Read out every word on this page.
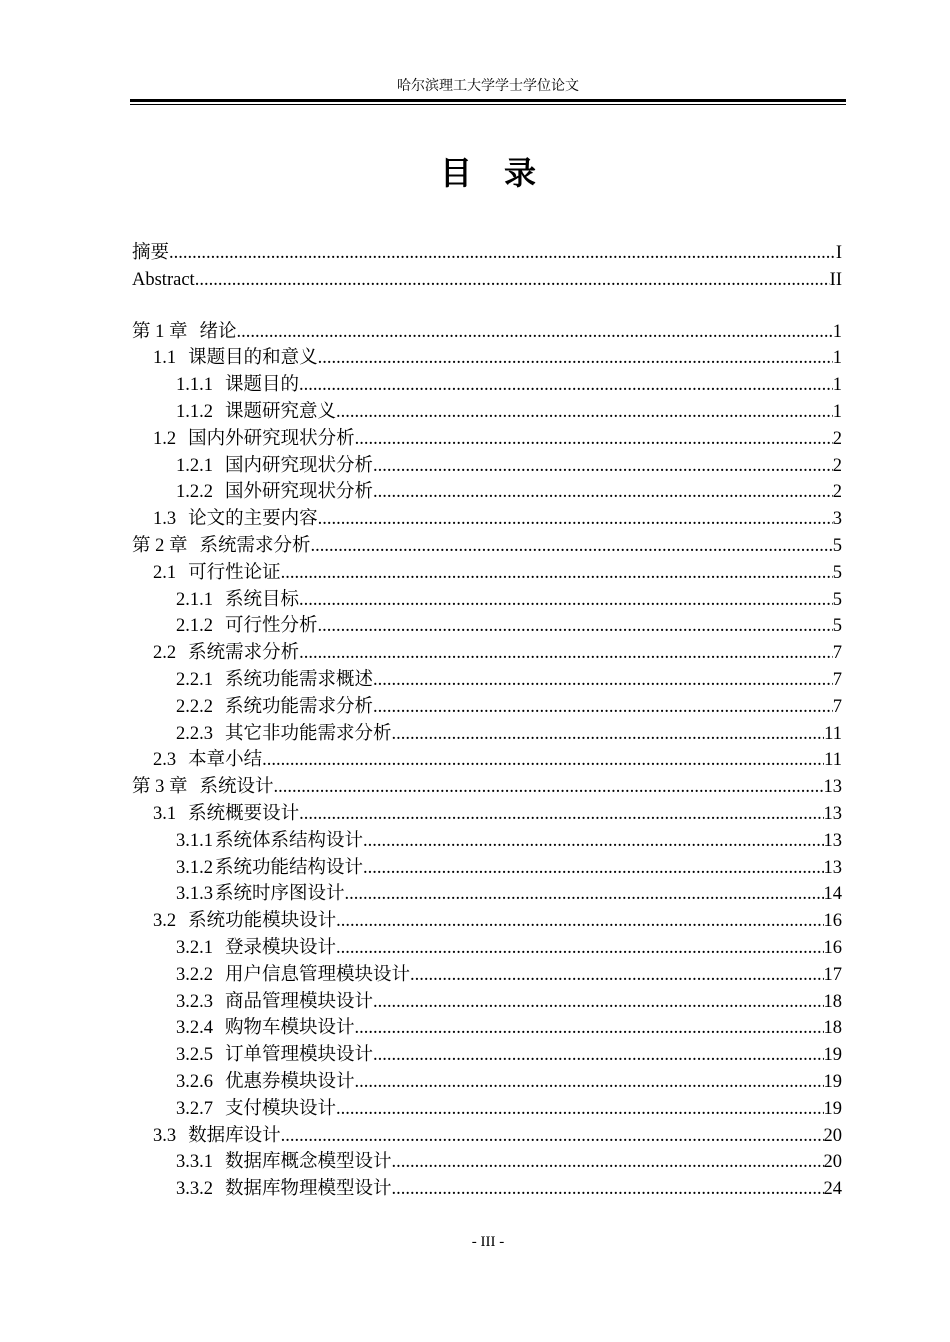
哈尔滨理工大学学士学位论文
目 录
摘要 .....	I
Abstract .....	II
第 1 章 绪论 .....	1
1.1 课题目的和意义 .....	1
1.1.1 课题目的 .....	1
1.1.2 课题研究意义 .....	1
1.2 国内外研究现状分析 .....	2
1.2.1 国内研究现状分析 .....	2
1.2.2 国外研究现状分析 .....	2
1.3 论文的主要内容 .....	3
第 2 章 系统需求分析 .....	5
2.1 可行性论证 .....	5
2.1.1 系统目标 .....	5
2.1.2 可行性分析 .....	5
2.2 系统需求分析 .....	7
2.2.1 系统功能需求概述 .....	7
2.2.2 系统功能需求分析 .....	7
2.2.3 其它非功能需求分析 .....	11
2.3 本章小结 .....	11
第 3 章 系统设计 .....	13
3.1 系统概要设计 .....	13
3.1.1 系统体系结构设计 .....	13
3.1.2 系统功能结构设计 .....	13
3.1.3 系统时序图设计 .....	14
3.2 系统功能模块设计 .....	16
3.2.1 登录模块设计 .....	16
3.2.2 用户信息管理模块设计 .....	17
3.2.3 商品管理模块设计 .....	18
3.2.4 购物车模块设计 .....	18
3.2.5 订单管理模块设计 .....	19
3.2.6 优惠券模块设计 .....	19
3.2.7 支付模块设计 .....	19
3.3 数据库设计 .....	20
3.3.1 数据库概念模型设计 .....	20
3.3.2 数据库物理模型设计 .....	24
- III -
